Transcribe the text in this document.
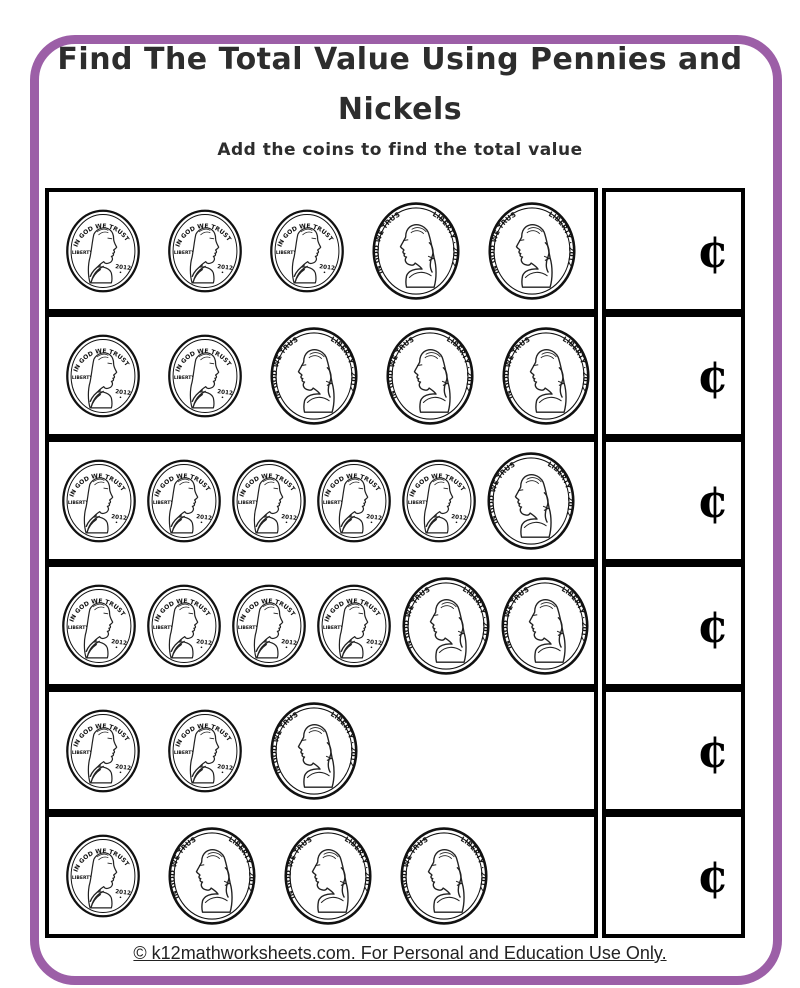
Find The Total Value Using Pennies and
Nickels
Add the coins to find the total value
¢
¢
¢
¢
¢
¢
© k12mathworksheets.com. For Personal and Education Use Only.
